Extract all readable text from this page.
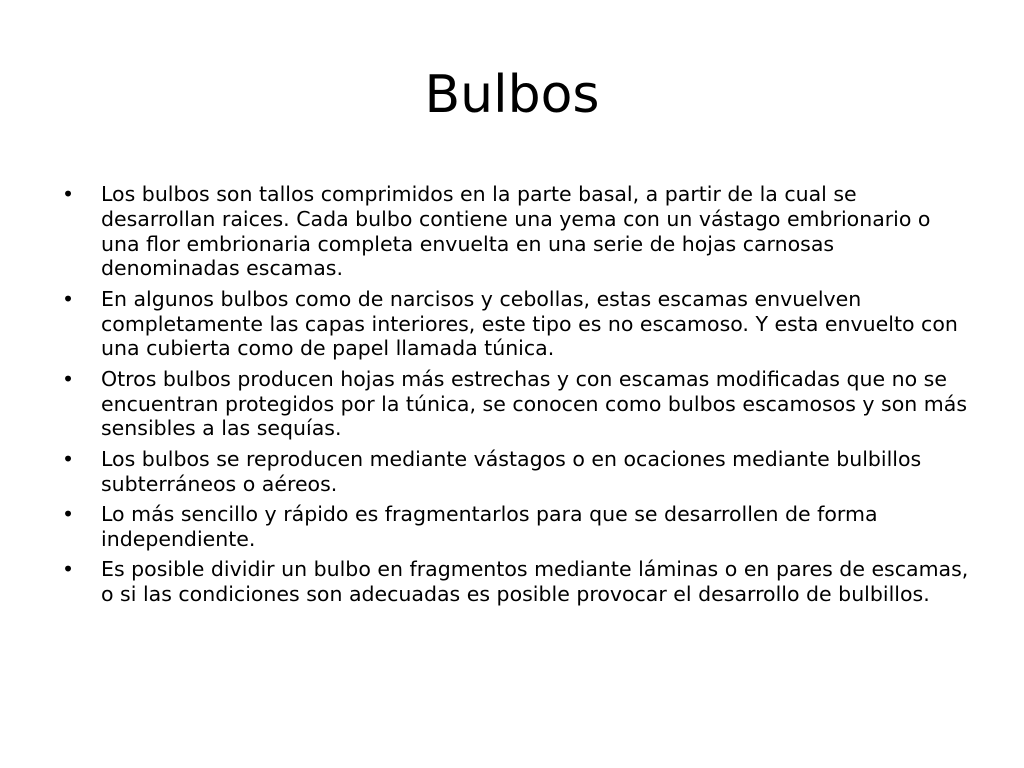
Bulbos
•	Los bulbos son tallos comprimidos en la parte basal, a partir de la cual se desarrollan raices. Cada bulbo contiene una yema con un vástago embrionario o una flor embrionaria completa envuelta en una serie de hojas carnosas denominadas escamas.
•	En algunos bulbos como de narcisos y cebollas, estas escamas envuelven completamente las capas interiores, este tipo es no escamoso. Y esta envuelto con una cubierta como de papel llamada túnica.
•	Otros bulbos producen hojas más estrechas y con escamas modificadas que no se encuentran protegidos por la túnica, se conocen como bulbos escamosos y son más sensibles a las sequías.
•	Los bulbos se reproducen mediante vástagos o en ocaciones mediante bulbillos subterráneos o aéreos.
•	Lo más sencillo y rápido es fragmentarlos para que se desarrollen de forma independiente.
•	Es posible dividir un bulbo en fragmentos mediante láminas o en pares de escamas, o si las condiciones son adecuadas es posible provocar el desarrollo de bulbillos.
